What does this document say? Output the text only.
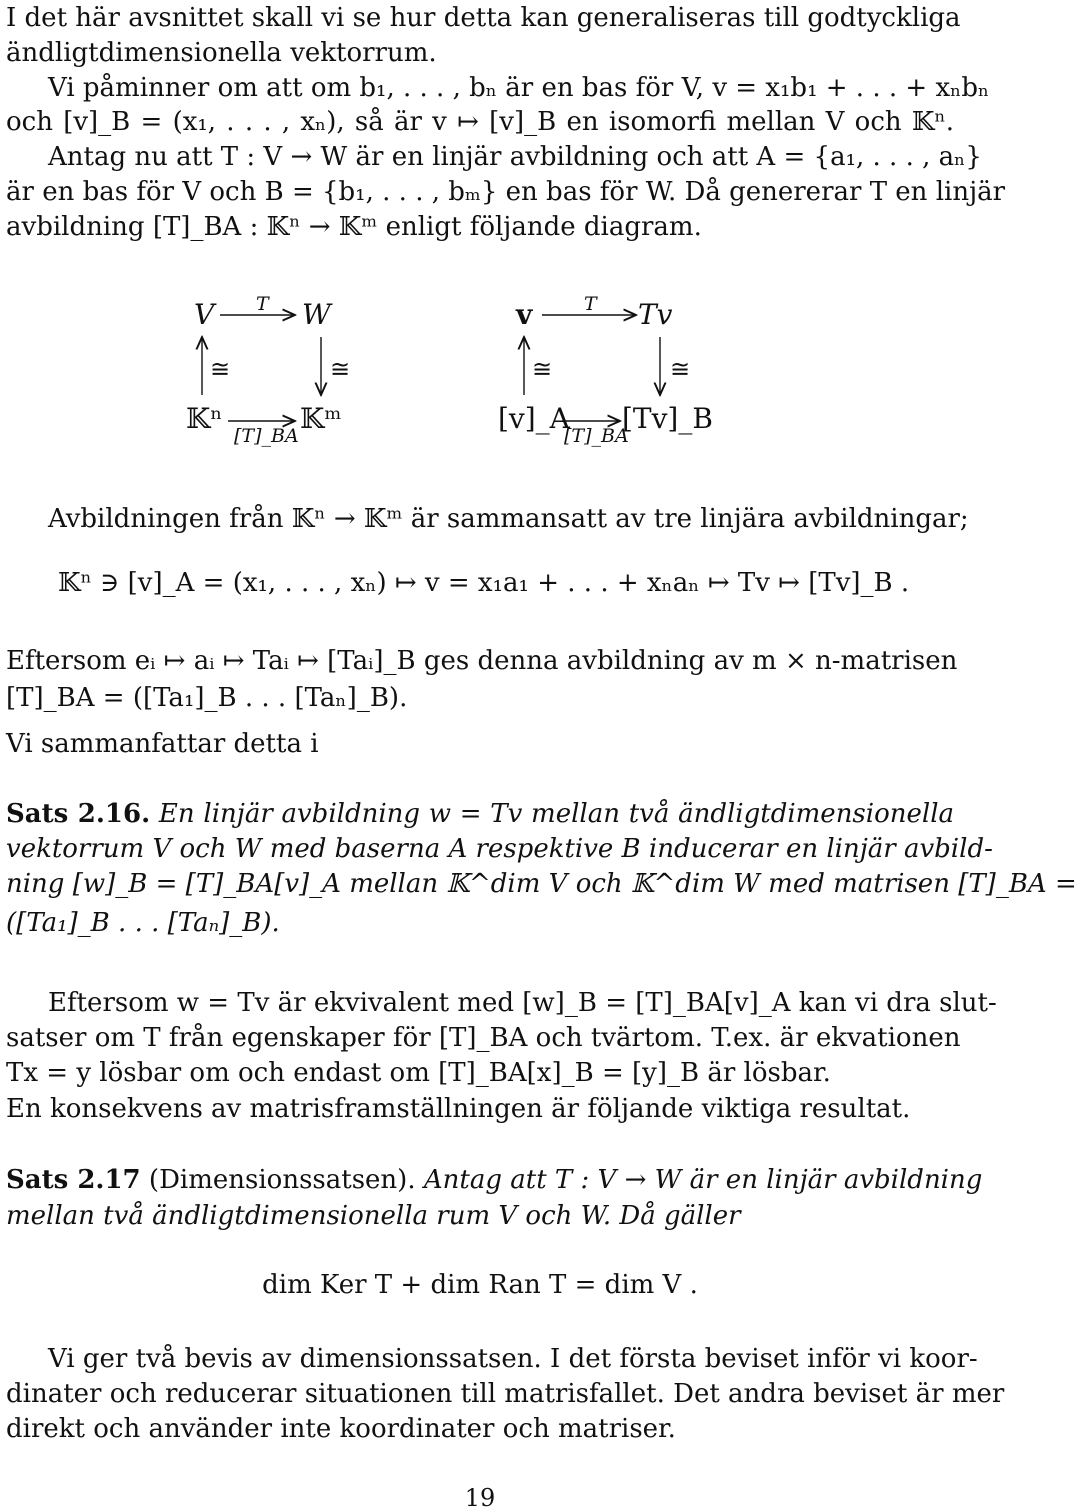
I det här avsnittet skall vi se hur detta kan generaliseras till godtyckliga
ändligtdimensionella vektorrum.
Vi påminner om att om b₁, . . . , bₙ är en bas för V, v = x₁b₁ + . . . + xₙbₙ
och [v]_B = (x₁, . . . , xₙ), så är v ↦ [v]_B en isomorfi mellan V och 𝕂ⁿ.
Antag nu att T : V → W är en linjär avbildning och att A = {a₁, . . . , aₙ}
är en bas för V och B = {b₁, . . . , bₘ} en bas för W. Då genererar T en linjär
avbildning [T]_BA : 𝕂ⁿ → 𝕂ᵐ enligt följande diagram.
V	W
𝕂ⁿ	𝕂ᵐ
T
[T]_BA
≅	≅
v	Tv
[v]_A [Tv]_B
T
[T]_BA
≅	≅
Avbildningen från 𝕂ⁿ → 𝕂ᵐ är sammansatt av tre linjära avbildningar;
𝕂ⁿ ∋ [v]_A = (x₁, . . . , xₙ) ↦ v = x₁a₁ + . . . + xₙaₙ ↦ Tv ↦ [Tv]_B .
Eftersom eᵢ ↦ aᵢ ↦ Taᵢ ↦ [Taᵢ]_B ges denna avbildning av m × n-matrisen
[T]_BA = ([Ta₁]_B . . . [Taₙ]_B).
Vi sammanfattar detta i
Sats 2.16. En linjär avbildning w = Tv mellan två ändligtdimensionella
vektorrum V och W med baserna A respektive B inducerar en linjär avbild-
ning [w]_B = [T]_BA[v]_A mellan 𝕂^dim V och 𝕂^dim W med matrisen [T]_BA =
([Ta₁]_B . . . [Taₙ]_B).
Eftersom w = Tv är ekvivalent med [w]_B = [T]_BA[v]_A kan vi dra slut-
satser om T från egenskaper för [T]_BA och tvärtom. T.ex. är ekvationen
Tx = y lösbar om och endast om [T]_BA[x]_B = [y]_B är lösbar.
En konsekvens av matrisframställningen är följande viktiga resultat.
Sats 2.17 (Dimensionssatsen). Antag att T : V → W är en linjär avbildning
mellan två ändligtdimensionella rum V och W. Då gäller
dim Ker T + dim Ran T = dim V .
Vi ger två bevis av dimensionssatsen. I det första beviset inför vi koor-
dinater och reducerar situationen till matrisfallet. Det andra beviset är mer
direkt och använder inte koordinater och matriser.
19
